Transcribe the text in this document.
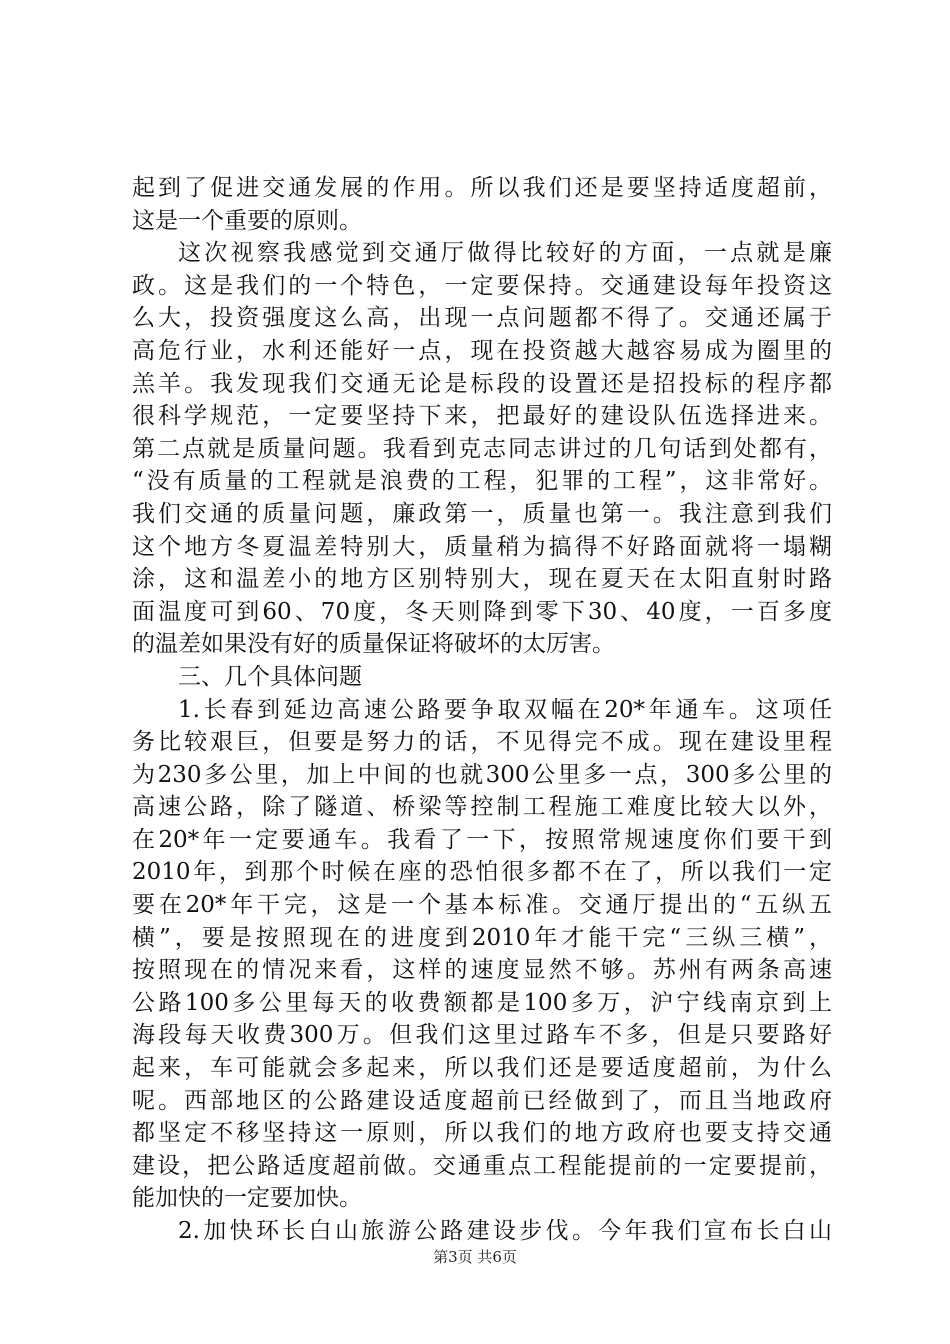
起到了促进交通发展的作用。所以我们还是要坚持适度超前，
这是一个重要的原则。
这次视察我感觉到交通厅做得比较好的方面，一点就是廉
政。这是我们的一个特色，一定要保持。交通建设每年投资这
么大，投资强度这么高，出现一点问题都不得了。交通还属于
高危行业，水利还能好一点，现在投资越大越容易成为圈里的
羔羊。我发现我们交通无论是标段的设置还是招投标的程序都
很科学规范，一定要坚持下来，把最好的建设队伍选择进来。
第二点就是质量问题。我看到克志同志讲过的几句话到处都有，
“没有质量的工程就是浪费的工程，犯罪的工程”，这非常好。
我们交通的质量问题，廉政第一，质量也第一。我注意到我们
这个地方冬夏温差特别大，质量稍为搞得不好路面就将一塌糊
涂，这和温差小的地方区别特别大，现在夏天在太阳直射时路
面温度可到60、70度，冬天则降到零下30、40度，一百多度
的温差如果没有好的质量保证将破坏的太厉害。
三、几个具体问题
1.长春到延边高速公路要争取双幅在20*年通车。这项任
务比较艰巨，但要是努力的话，不见得完不成。现在建设里程
为230多公里，加上中间的也就300公里多一点，300多公里的
高速公路，除了隧道、桥梁等控制工程施工难度比较大以外，
在20*年一定要通车。我看了一下，按照常规速度你们要干到
2010年，到那个时候在座的恐怕很多都不在了，所以我们一定
要在20*年干完，这是一个基本标准。交通厅提出的“五纵五
横”，要是按照现在的进度到2010年才能干完“三纵三横”，
按照现在的情况来看，这样的速度显然不够。苏州有两条高速
公路100多公里每天的收费额都是100多万，沪宁线南京到上
海段每天收费300万。但我们这里过路车不多，但是只要路好
起来，车可能就会多起来，所以我们还是要适度超前，为什么
呢。西部地区的公路建设适度超前已经做到了，而且当地政府
都坚定不移坚持这一原则，所以我们的地方政府也要支持交通
建设，把公路适度超前做。交通重点工程能提前的一定要提前，
能加快的一定要加快。
2.加快环长白山旅游公路建设步伐。今年我们宣布长白山
第3页 共6页
